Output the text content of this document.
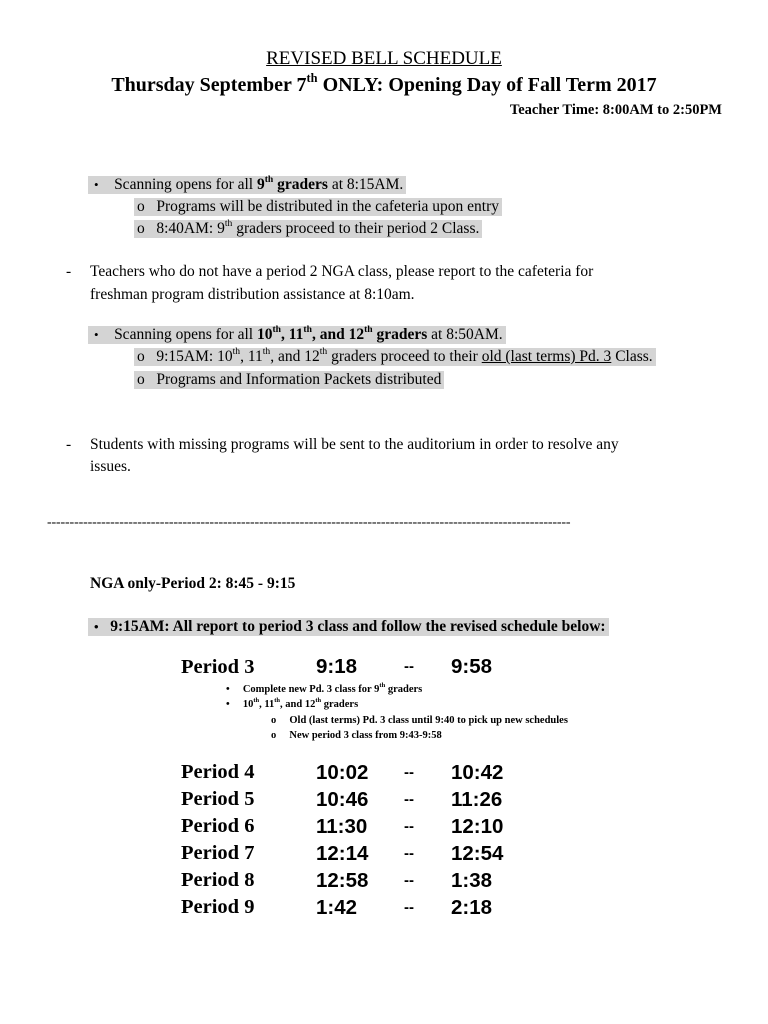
REVISED BELL SCHEDULE
Thursday September 7th ONLY: Opening Day of Fall Term 2017
Teacher Time: 8:00AM to 2:50PM
• Scanning opens for all 9th graders at 8:15AM.
o Programs will be distributed in the cafeteria upon entry
o 8:40AM: 9th graders proceed to their period 2 Class.
- Teachers who do not have a period 2 NGA class, please report to the cafeteria for
freshman program distribution assistance at 8:10am.
• Scanning opens for all 10th, 11th, and 12th graders at 8:50AM.
o 9:15AM: 10th, 11th, and 12th graders proceed to their old (last terms) Pd. 3 Class.
o Programs and Information Packets distributed
- Students with missing programs will be sent to the auditorium in order to resolve any
issues.
--------------------------------------------------------------------------------------------------------------------
NGA only-Period 2: 8:45 - 9:15
• 9:15AM: All report to period 3 class and follow the revised schedule below:
Period 3	9:18	-- 9:58
• Complete new Pd. 3 class for 9th graders
• 10th, 11th, and 12th graders
o Old (last terms) Pd. 3 class until 9:40 to pick up new schedules
o New period 3 class from 9:43-9:58
Period 4	10:02 -- 10:42
Period 5	10:46 -- 11:26
Period 6	11:30 -- 12:10
Period 7	12:14 -- 12:54
Period 8	12:58 -- 1:38
Period 9	1:42	-- 2:18
